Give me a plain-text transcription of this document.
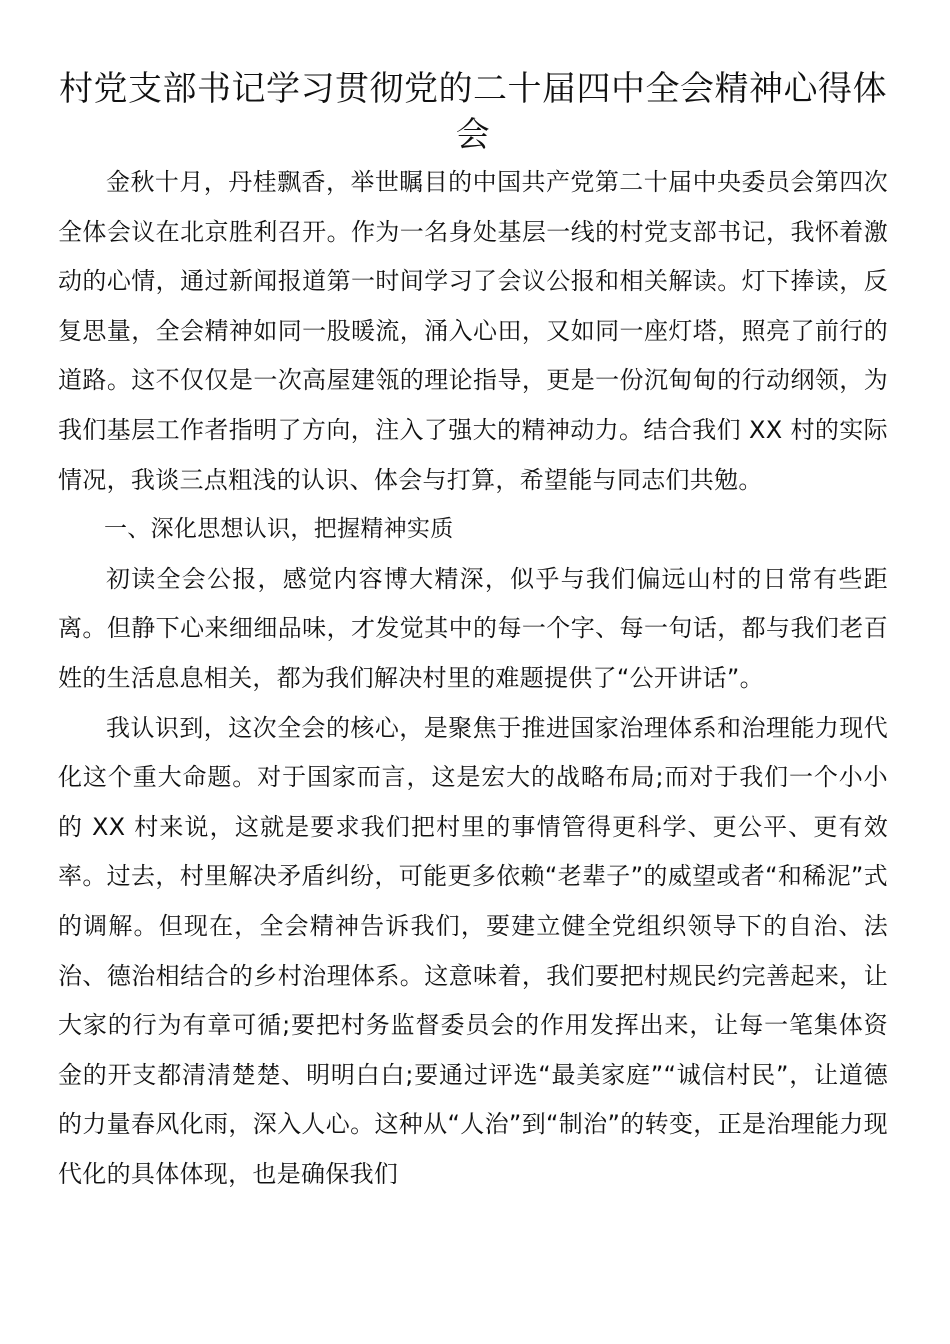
村党支部书记学习贯彻党的二十届四中全会精神心得体会

金秋十月，丹桂飘香，举世瞩目的中国共产党第二十届中央委员会第四次全体会议在北京胜利召开。作为一名身处基层一线的村党支部书记，我怀着激动的心情，通过新闻报道第一时间学习了会议公报和相关解读。灯下捧读，反复思量，全会精神如同一股暖流，涌入心田，又如同一座灯塔，照亮了前行的道路。这不仅仅是一次高屋建瓴的理论指导，更是一份沉甸甸的行动纲领，为我们基层工作者指明了方向，注入了强大的精神动力。结合我们 XX 村的实际情况，我谈三点粗浅的认识、体会与打算，希望能与同志们共勉。

一、深化思想认识，把握精神实质

初读全会公报，感觉内容博大精深，似乎与我们偏远山村的日常有些距离。但静下心来细细品味，才发觉其中的每一个字、每一句话，都与我们老百姓的生活息息相关，都为我们解决村里的难题提供了“公开讲话”。

我认识到，这次全会的核心，是聚焦于推进国家治理体系和治理能力现代化这个重大命题。对于国家而言，这是宏大的战略布局;而对于我们一个小小的 XX 村来说，这就是要求我们把村里的事情管得更科学、更公平、更有效率。过去，村里解决矛盾纠纷，可能更多依赖“老辈子”的威望或者“和稀泥”式的调解。但现在，全会精神告诉我们，要建立健全党组织领导下的自治、法治、德治相结合的乡村治理体系。这意味着，我们要把村规民约完善起来，让大家的行为有章可循;要把村务监督委员会的作用发挥出来，让每一笔集体资金的开支都清清楚楚、明明白白;要通过评选“最美家庭”“诚信村民”，让道德的力量春风化雨，深入人心。这种从“人治”到“制治”的转变，正是治理能力现代化的具体体现，也是确保我们
